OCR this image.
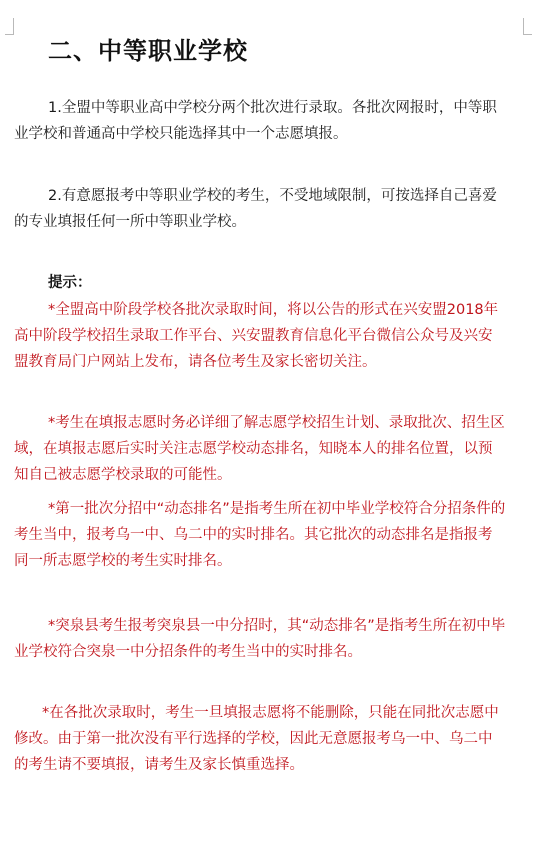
二、中等职业学校

1.全盟中等职业高中学校分两个批次进行录取。各批次网报时，中等职业学校和普通高中学校只能选择其中一个志愿填报。

2.有意愿报考中等职业学校的考生，不受地域限制，可按选择自己喜爱的专业填报任何一所中等职业学校。

提示：

*全盟高中阶段学校各批次录取时间，将以公告的形式在兴安盟2018年高中阶段学校招生录取工作平台、兴安盟教育信息化平台微信公众号及兴安盟教育局门户网站上发布，请各位考生及家长密切关注。

*考生在填报志愿时务必详细了解志愿学校招生计划、录取批次、招生区域，在填报志愿后实时关注志愿学校动态排名，知晓本人的排名位置，以预知自己被志愿学校录取的可能性。

*第一批次分招中“动态排名”是指考生所在初中毕业学校符合分招条件的考生当中，报考乌一中、乌二中的实时排名。其它批次的动态排名是指报考同一所志愿学校的考生实时排名。

*突泉县考生报考突泉县一中分招时，其“动态排名”是指考生所在初中毕业学校符合突泉一中分招条件的考生当中的实时排名。

*在各批次录取时，考生一旦填报志愿将不能删除，只能在同批次志愿中修改。由于第一批次没有平行选择的学校，因此无意愿报考乌一中、乌二中的考生请不要填报，请考生及家长慎重选择。
